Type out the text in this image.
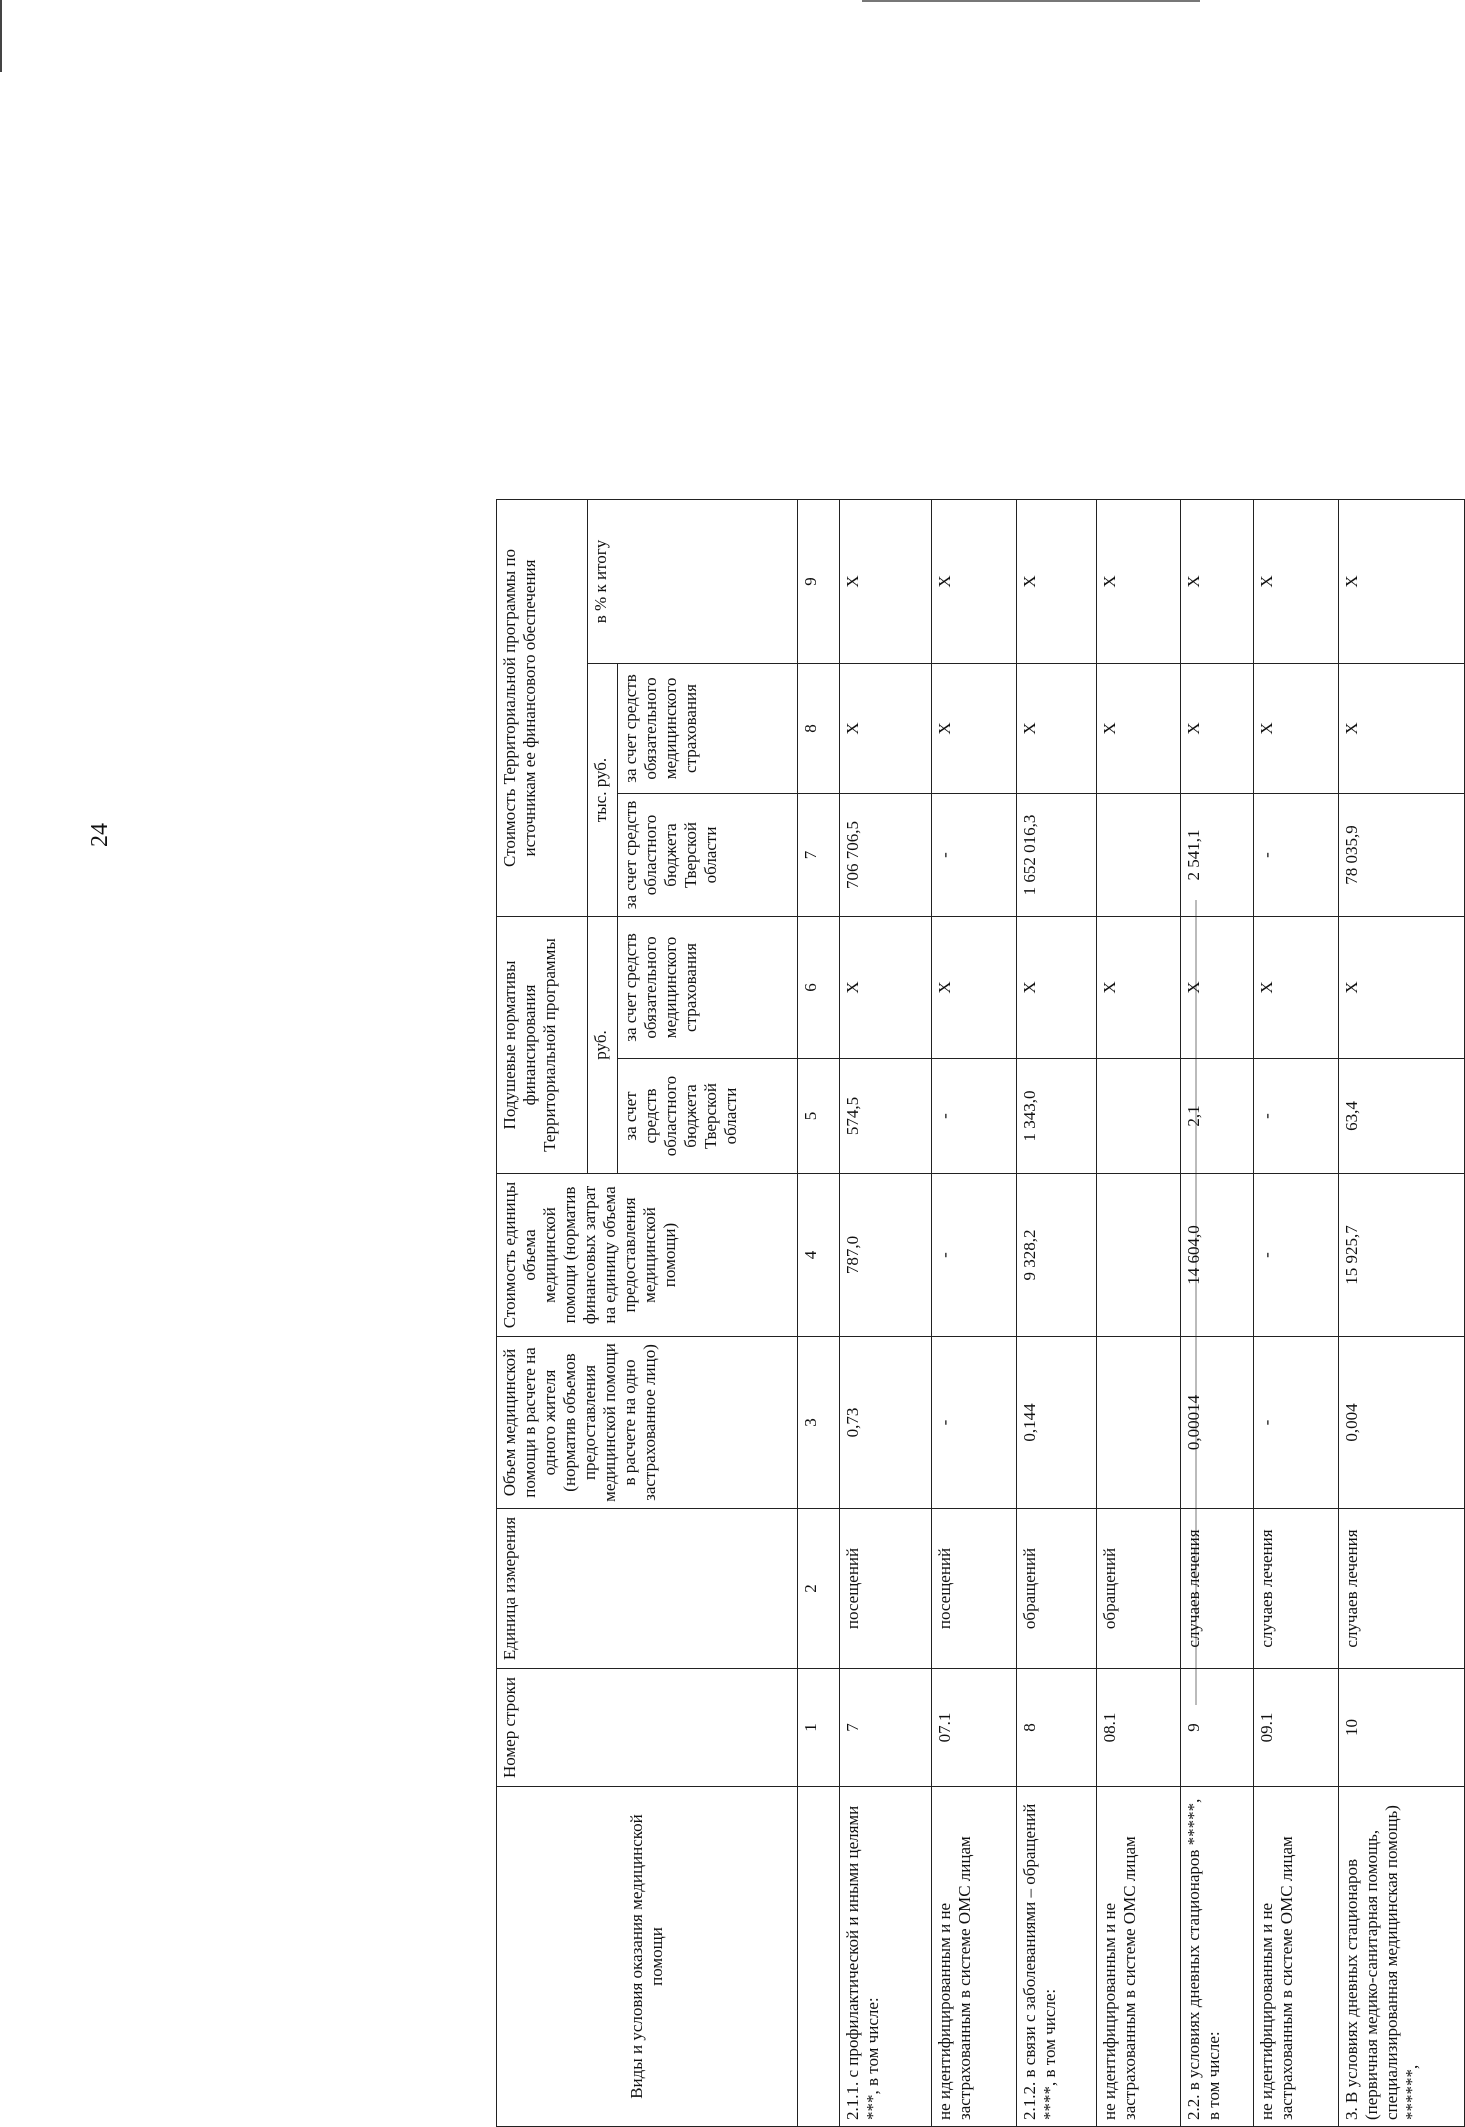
24
Виды и условия оказания медицинской помощи	Номер строки	Единица измерения	Объем медицинской помощи в расчете на одного жителя (норматив объемов предоставления медицинской помощи в расчете на одно застрахованное лицо)	Стоимость единицы объема медицинской помощи (норматив финансовых затрат на единицу объема предоставления медицинской помощи)	Подушевые нормативы финансирования Территориальной программы		Стоимость Территориальной программы по источникам ее финансового обеспечения		
					руб.		тыс. руб.		в % к итогу
					за счет средств областного бюджета Тверской области	за счет средств обязательного медицинского страхования	за счет средств областного бюджета Тверской области	за счет средств обязательного медицинского страхования	
	1	2	3	4	5	6	7	8	9
2.1.1. с профилактической и иными целями ***, в том числе:	7	посещений	0,73	787,0	574,5	Х	706 706,5	Х	Х
не идентифицированным и не застрахованным в системе ОМС лицам	07.1	посещений	-	-	-	Х	-	Х	Х
2.1.2. в связи с заболеваниями – обращений ****, в том числе:	8	обращений	0,144	9 328,2	1 343,0	Х	1 652 016,3	Х	Х
не идентифицированным и не застрахованным в системе ОМС лицам	08.1	обращений				Х		Х	Х
2.2. в условиях дневных стационаров *****, в том числе:	9	случаев лечения	0,00014	14 604,0	2,1	Х	2 541,1	Х	Х
не идентифицированным и не застрахованным в системе ОМС лицам	09.1	случаев лечения	-	-	-	Х	-	Х	Х
3. В условиях дневных стационаров (первичная медико-санитарная помощь, специализированная медицинская помощь) ******,	10	случаев лечения	0,004	15 925,7	63,4	Х	78 035,9	Х	Х
